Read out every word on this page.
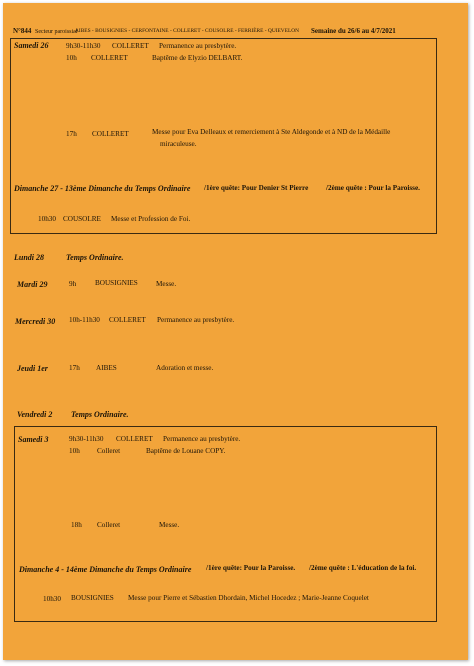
N°844 Secteur paroissial
AIBES - BOUSIGNIES - CERFONTAINE - COLLERET - COUSOLRE - FERRIÈRE - QUIEVELON Semaine du 26/6 au 4/7/2021
Samedi 26 9h30-11h30 COLLERET Permanence au presbytère.
10h COLLERET	Baptême de Elyzio DELBART.
17h COLLERET	Messe pour Eva Delleaux et remerciement à Ste Aldegonde et à ND de la Médaille
miraculeuse.
Dimanche 27 - 13ème Dimanche du Temps Ordinaire /1ère quête: Pour Denier St Pierre /2ème quête : Pour la Paroisse.
10h30 COUSOLRE Messe et Profession de Foi.
Lundi 28	Temps Ordinaire.
Mardi 29	9h	BOUSIGNIES	Messe.
Mercredi 30 10h-11h30 COLLERET Permanence au presbytère.
Jeudi 1er	17h AIBES	Adoration et messe.
Vendredi 2 Temps Ordinaire.
Samedi 3	9h30-11h30 COLLERET Permanence au presbytère.
10h Colleret	Baptême de Louane COPY.
18h Colleret	Messe.
Dimanche 4 - 14ème Dimanche du Temps Ordinaire /1ère quête: Pour la Paroisse. /2ème quête : L'éducation de la foi.
10h30 BOUSIGNIES Messe pour Pierre et Sébastien Dhordain, Michel Hocedez ; Marie-Jeanne Coquelet
